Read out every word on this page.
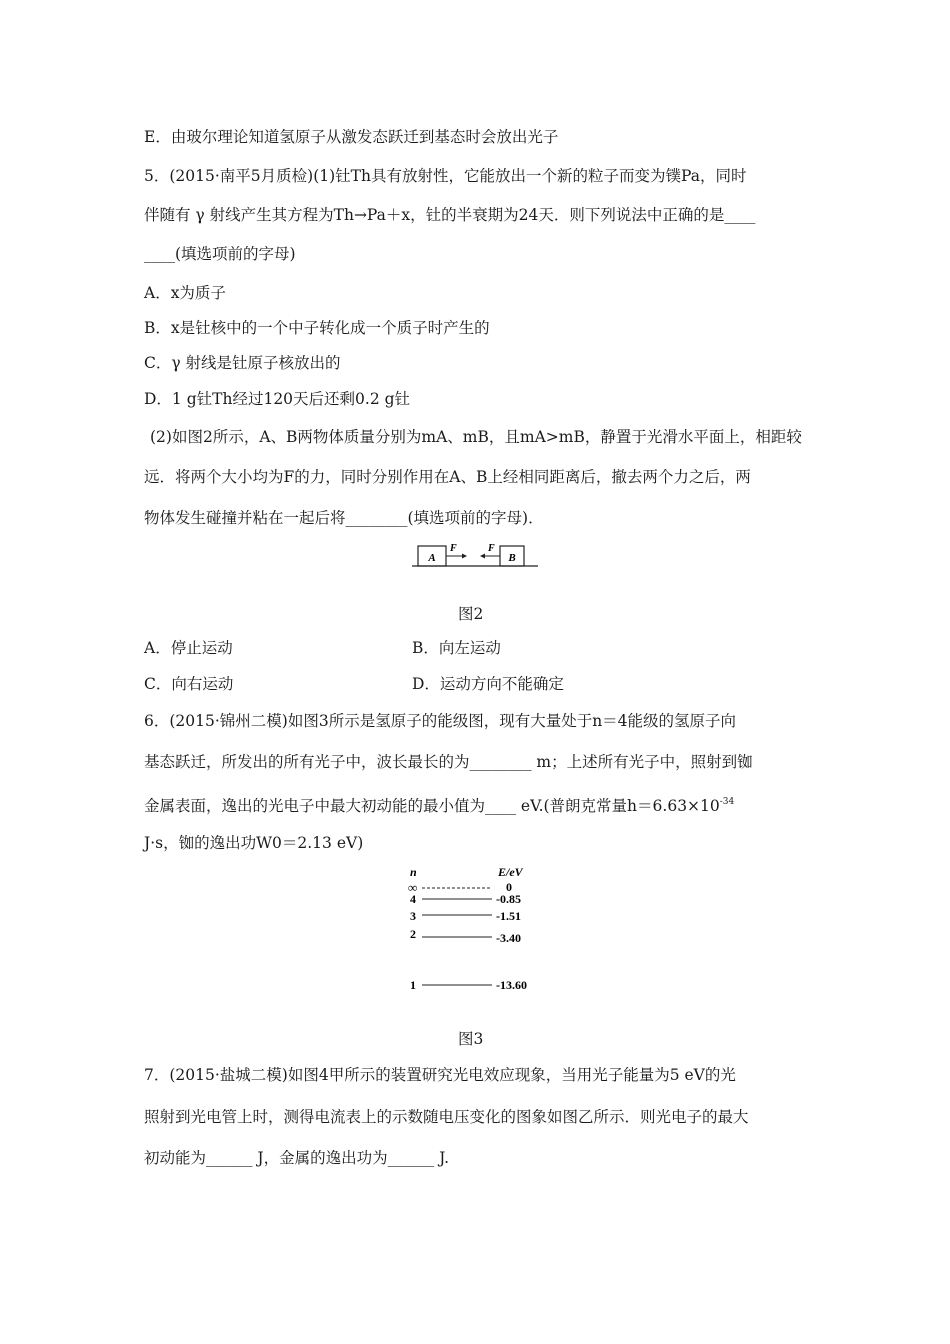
E．由玻尔理论知道氢原子从激发态跃迁到基态时会放出光子
5．(2015·南平5月质检)(1)钍Th具有放射性，它能放出一个新的粒子而变为镤Pa，同时
伴随有 γ 射线产生其方程为Th→Pa＋x，钍的半衰期为24天．则下列说法中正确的是____
____(填选项前的字母)
A．x为质子
B．x是钍核中的一个中子转化成一个质子时产生的
C．γ 射线是钍原子核放出的
D．1 g钍Th经过120天后还剩0.2 g钍
(2)如图2所示，A、B两物体质量分别为mA、mB，且mA>mB，静置于光滑水平面上，相距较
远．将两个大小均为F的力，同时分别作用在A、B上经相同距离后，撤去两个力之后，两
物体发生碰撞并粘在一起后将________(填选项前的字母)．
A
F	F
B
图2
A．停止运动	B．向左运动
C．向右运动	D．运动方向不能确定
6．(2015·锦州二模)如图3所示是氢原子的能级图，现有大量处于n＝4能级的氢原子向
基态跃迁，所发出的所有光子中，波长最长的为________ m；上述所有光子中，照射到铷
金属表面，逸出的光电子中最大初动能的最小值为____ eV.(普朗克常量$h=6.63\times 10^{-34}$
J·s，铷的逸出功W0＝2.13 eV)
n	E/eV
∞	0
4	-0.85
3	-1.51
2	-3.40
1	-13.60
图3
7．(2015·盐城二模)如图4甲所示的装置研究光电效应现象，当用光子能量为5 eV的光
照射到光电管上时，测得电流表上的示数随电压变化的图象如图乙所示．则光电子的最大
初动能为______ J，金属的逸出功为______ J.
